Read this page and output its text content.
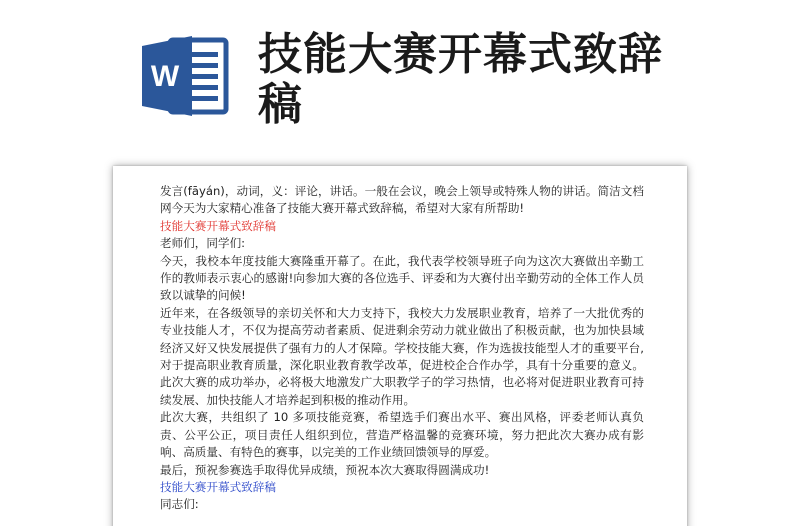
W 技能大赛开幕式致辞稿

发言(fāyán)，动词，义：评论，讲话。一般在会议，晚会上领导或特殊人物的讲话。简洁文档网今天为大家精心准备了技能大赛开幕式致辞稿，希望对大家有所帮助!

技能大赛开幕式致辞稿

老师们，同学们:

今天，我校本年度技能大赛隆重开幕了。在此，我代表学校领导班子向为这次大赛做出辛勤工作的教师表示衷心的感谢!向参加大赛的各位选手、评委和为大赛付出辛勤劳动的全体工作人员致以诚挚的问候!

近年来，在各级领导的亲切关怀和大力支持下，我校大力发展职业教育，培养了一大批优秀的专业技能人才，不仅为提高劳动者素质、促进剩余劳动力就业做出了积极贡献，也为加快县域经济又好又快发展提供了强有力的人才保障。学校技能大赛，作为选拔技能型人才的重要平台,对于提高职业教育质量，深化职业教育教学改革，促进校企合作办学，具有十分重要的意义。此次大赛的成功举办，必将极大地激发广大职教学子的学习热情，也必将对促进职业教育可持续发展、加快技能人才培养起到积极的推动作用。

此次大赛，共组织了 10 多项技能竞赛，希望选手们赛出水平、赛出风格，评委老师认真负责、公平公正，项目责任人组织到位，营造严格温馨的竞赛环境，努力把此次大赛办成有影响、高质量、有特色的赛事，以完美的工作业绩回馈领导的厚爱。

最后，预祝参赛选手取得优异成绩，预祝本次大赛取得圆满成功!

技能大赛开幕式致辞稿

同志们:
